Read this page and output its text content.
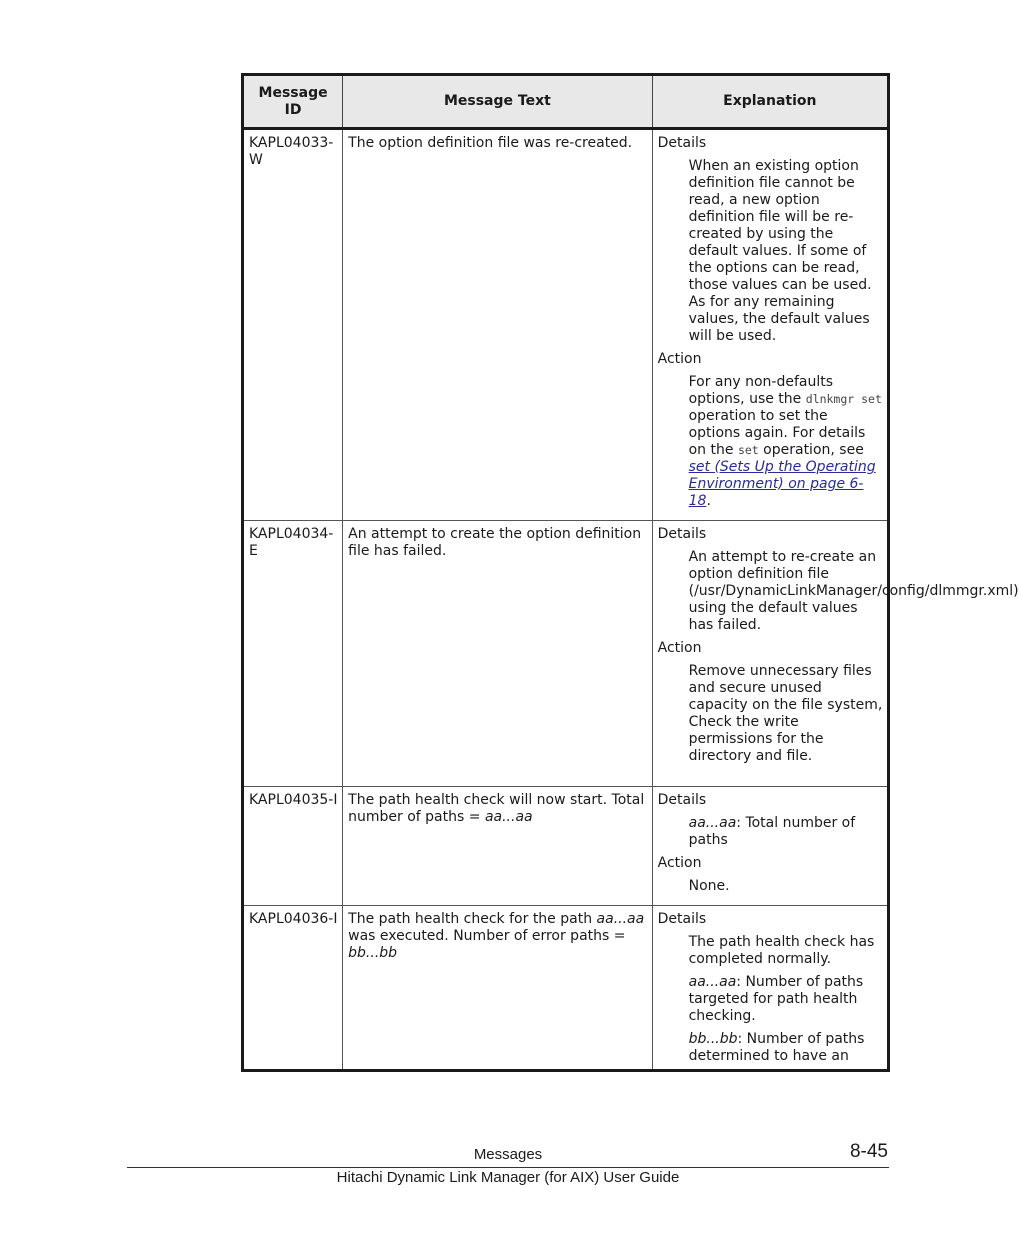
Message ID	Message Text	Explanation
KAPL04033-W	The option definition file was re-created.	Details
When an existing option definition file cannot be read, a new option definition file will be re-created by using the default values. If some of the options can be read, those values can be used. As for any remaining values, the default values will be used.
Action
For any non-defaults options, use the dlnkmgr set operation to set the options again. For details on the set operation, see set (Sets Up the Operating Environment) on page 6-18.

KAPL04034-E	An attempt to create the option definition file has failed.	Details
An attempt to re-create an option definition file (/usr/DynamicLinkManager/config/dlmmgr.xml) using the default values has failed.
Action
Remove unnecessary files and secure unused capacity on the file system, Check the write permissions for the directory and file.

KAPL04035-I	The path health check will now start. Total number of paths = aa...aa	Details
aa...aa: Total number of paths
Action
None.

KAPL04036-I	The path health check for the path aa...aa was executed. Number of error paths = bb...bb	Details
The path health check has completed normally.
aa...aa: Number of paths targeted for path health checking.
bb...bb: Number of paths determined to have an
Messages	8-45
Hitachi Dynamic Link Manager (for AIX) User Guide
